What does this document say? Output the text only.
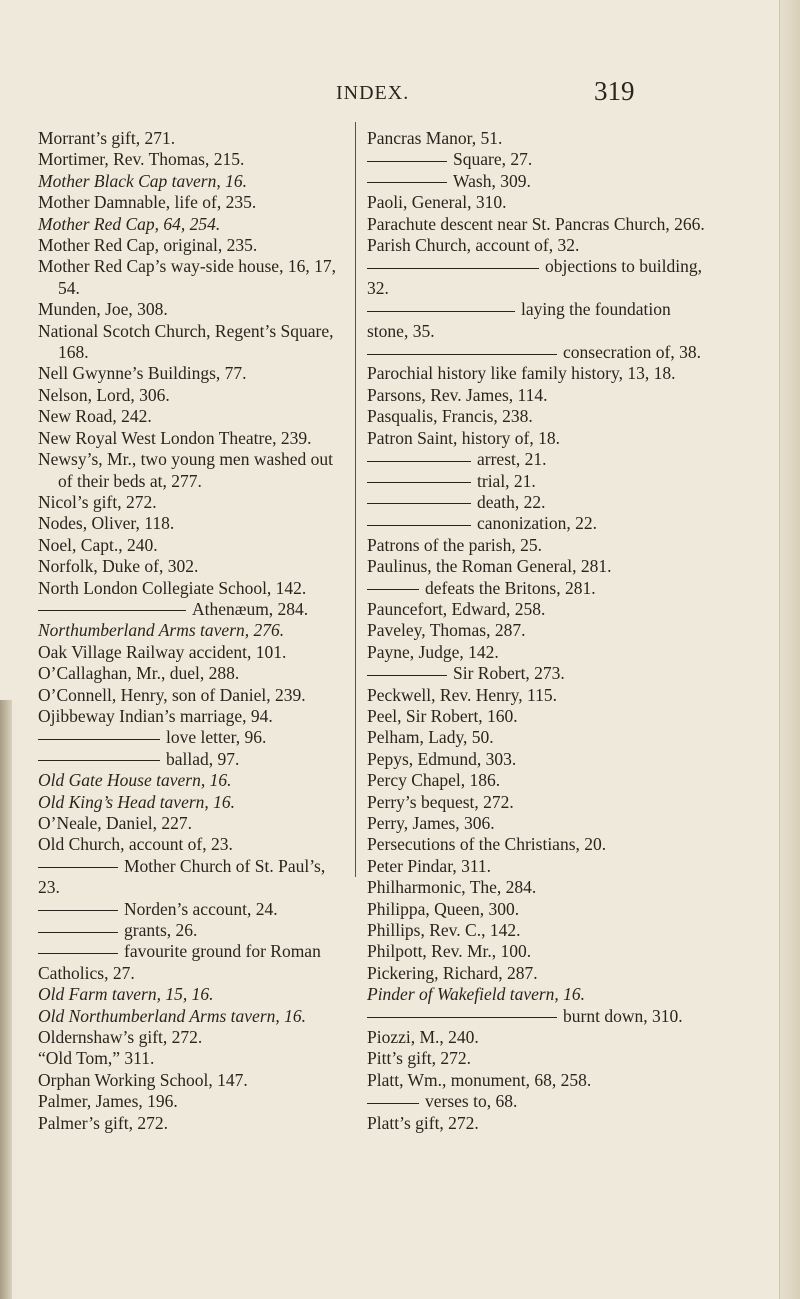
INDEX.	319

Morrant’s gift, 271.

Mortimer, Rev. Thomas, 215.

Mother Black Cap tavern, 16.

Mother Damnable, life of, 235.

Mother Red Cap, 64, 254.

Mother Red Cap, original, 235.

Mother Red Cap’s way-side house, 16, 17, 54.

Munden, Joe, 308.

National Scotch Church, Regent’s Square, 168.

Nell Gwynne’s Buildings, 77.

Nelson, Lord, 306.

New Road, 242.

New Royal West London Theatre, 239.

Newsy’s, Mr., two young men washed out of their beds at, 277.

Nicol’s gift, 272.

Nodes, Oliver, 118.

Noel, Capt., 240.

Norfolk, Duke of, 302.

North London Collegiate School, 142.

Athenæum, 284.

Northumberland Arms tavern, 276.

Oak Village Railway accident, 101.

O’Callaghan, Mr., duel, 288.

O’Connell, Henry, son of Daniel, 239.

Ojibbeway Indian’s marriage, 94.

love letter, 96.

ballad, 97.

Old Gate House tavern, 16.

Old King’s Head tavern, 16.

O’Neale, Daniel, 227.

Old Church, account of, 23.

Mother Church of St. Paul’s, 23.

Norden’s account, 24.

grants, 26.

favourite ground for Roman Catholics, 27.

Old Farm tavern, 15, 16.

Old Northumberland Arms tavern, 16.

Oldernshaw’s gift, 272.

“Old Tom,” 311.

Orphan Working School, 147.

Palmer, James, 196.

Palmer’s gift, 272.

Pancras Manor, 51.

Square, 27.

Wash, 309.

Paoli, General, 310.

Parachute descent near St. Pancras Church, 266.

Parish Church, account of, 32.

objections to building, 32.

laying the foundation stone, 35.

consecration of, 38.

Parochial history like family history, 13, 18.

Parsons, Rev. James, 114.

Pasqualis, Francis, 238.

Patron Saint, history of, 18.

arrest, 21.

trial, 21.

death, 22.

canonization, 22.

Patrons of the parish, 25.

Paulinus, the Roman General, 281.

defeats the Britons, 281.

Pauncefort, Edward, 258.

Paveley, Thomas, 287.

Payne, Judge, 142.

Sir Robert, 273.

Peckwell, Rev. Henry, 115.

Peel, Sir Robert, 160.

Pelham, Lady, 50.

Pepys, Edmund, 303.

Percy Chapel, 186.

Perry’s bequest, 272.

Perry, James, 306.

Persecutions of the Christians, 20.

Peter Pindar, 311.

Philharmonic, The, 284.

Philippa, Queen, 300.

Phillips, Rev. C., 142.

Philpott, Rev. Mr., 100.

Pickering, Richard, 287.

Pinder of Wakefield tavern, 16.

burnt down, 310.

Piozzi, M., 240.

Pitt’s gift, 272.

Platt, Wm., monument, 68, 258.

verses to, 68.

Platt’s gift, 272.
